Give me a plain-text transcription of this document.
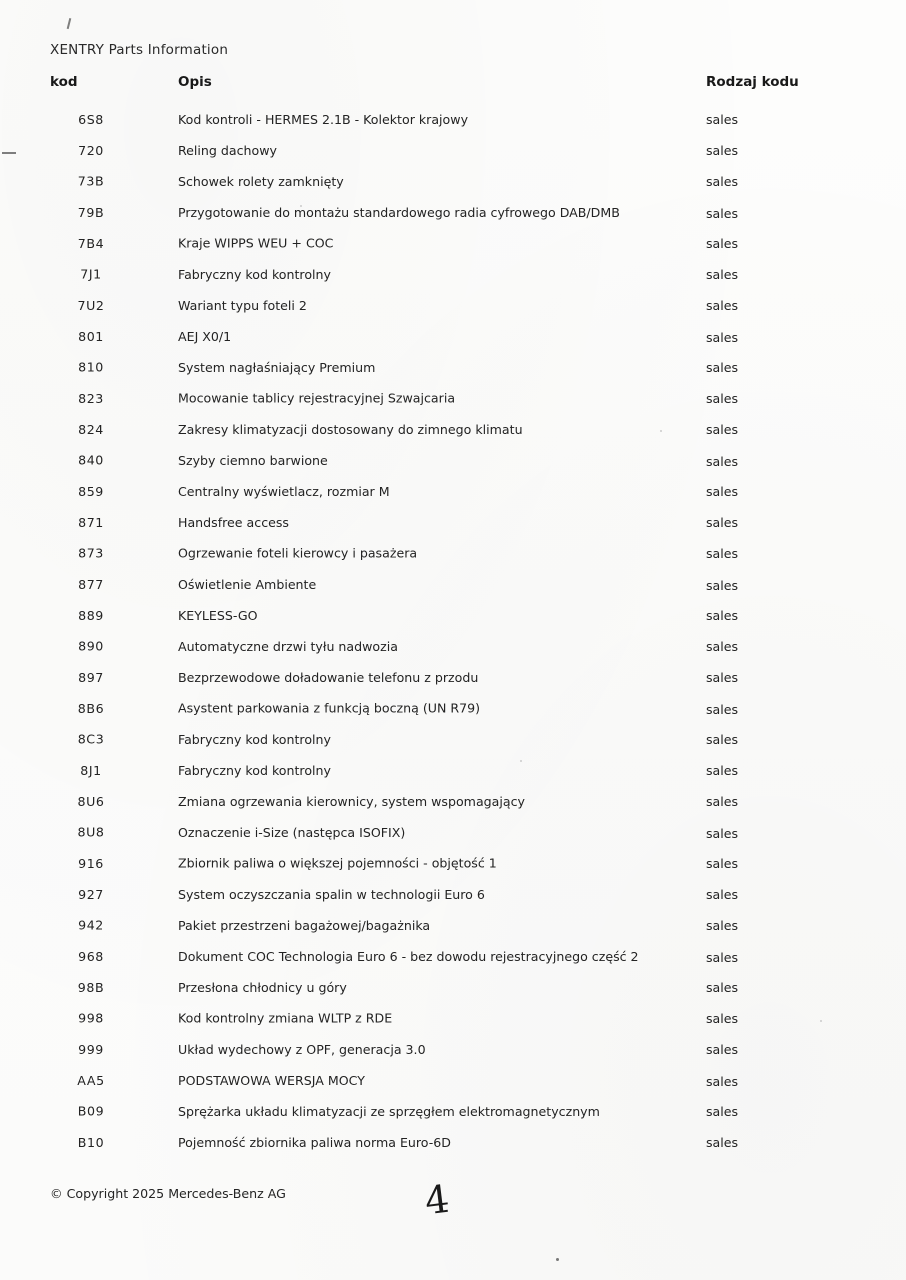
XENTRY Parts Information
kod	Opis	Rodzaj kodu
6S8	Kod kontroli - HERMES 2.1B - Kolektor krajowy	sales
720	Reling dachowy	sales
73B	Schowek rolety zamknięty	sales
79B	Przygotowanie do montażu standardowego radia cyfrowego DAB/DMB	sales
7B4	Kraje WIPPS WEU + COC	sales
7J1	Fabryczny kod kontrolny	sales
7U2	Wariant typu foteli 2	sales
801	AEJ X0/1	sales
810	System nagłaśniający Premium	sales
823	Mocowanie tablicy rejestracyjnej Szwajcaria	sales
824	Zakresy klimatyzacji dostosowany do zimnego klimatu	sales
840	Szyby ciemno barwione	sales
859	Centralny wyświetlacz, rozmiar M	sales
871	Handsfree access	sales
873	Ogrzewanie foteli kierowcy i pasażera	sales
877	Oświetlenie Ambiente	sales
889	KEYLESS-GO	sales
890	Automatyczne drzwi tyłu nadwozia	sales
897	Bezprzewodowe doładowanie telefonu z przodu	sales
8B6	Asystent parkowania z funkcją boczną (UN R79)	sales
8C3	Fabryczny kod kontrolny	sales
8J1	Fabryczny kod kontrolny	sales
8U6	Zmiana ogrzewania kierownicy, system wspomagający	sales
8U8	Oznaczenie i-Size (następca ISOFIX)	sales
916	Zbiornik paliwa o większej pojemności - objętość 1	sales
927	System oczyszczania spalin w technologii Euro 6	sales
942	Pakiet przestrzeni bagażowej/bagażnika	sales
968	Dokument COC Technologia Euro 6 - bez dowodu rejestracyjnego część 2	sales
98B	Przesłona chłodnicy u góry	sales
998	Kod kontrolny zmiana WLTP z RDE	sales
999	Układ wydechowy z OPF, generacja 3.0	sales
AA5	PODSTAWOWA WERSJA MOCY	sales
B09	Sprężarka układu klimatyzacji ze sprzęgłem elektromagnetycznym	sales
B10	Pojemność zbiornika paliwa norma Euro-6D	sales
© Copyright 2025 Mercedes-Benz AG	4
